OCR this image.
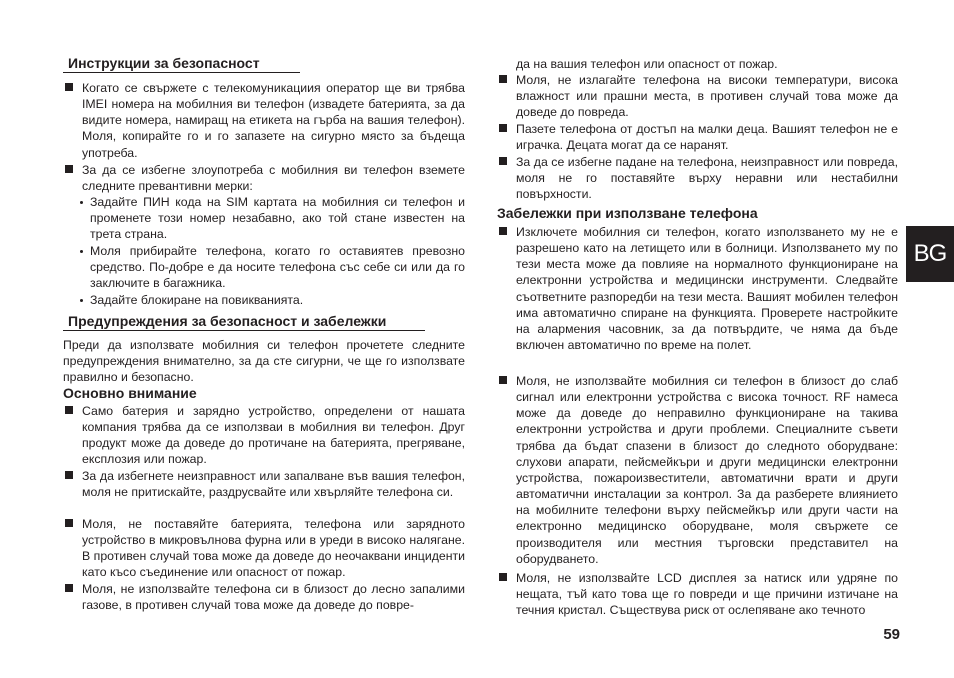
Инструкции за безопасност
Когато се свържете с телекомуникациия оператор ще ви трябва IMEI номера на мобилния ви телефон (извадете батерията, за да видите номера, намиращ на етикета на гърба на вашия телефон). Моля, копирайте го и го запазете на сигурно място за бъдеща употреба.
За да се избегне злоупотреба с мобилния ви телефон вземете следните превантивни мерки:
Задайте ПИН кода на SIM картата на мобилния си телефон и променете този номер незабавно, ако той стане известен на трета страна.
Моля прибирайте телефона, когато го оставиятев превозно средство. По-добре е да носите телефона със себе си или да го заключите в багажника.
Задайте блокиране на повикванията.
Предупреждения за безопасност и забележки
Преди да използвате мобилния си телефон прочетете следните предупреждения внимателно, за да сте сигурни, че ще го използвате правилно и безопасно.
Основно внимание
Само батерия и зарядно устройство, определени от нашата компания трябва да се използваи в мобилния ви телефон. Друг продукт може да доведе до протичане на батерията, прегряване, експлозия или пожар.
За да избегнете неизправност или запалване във вашия телефон, моля не притискайте, раздрусвайте или хвърляйте телефона си.
Моля, не поставяйте батерията, телефона или зарядното устройство в микровълнова фурна или в уреди в високо налягане. В противен случай това може да доведе до неочаквани инциденти като късо съединение или опасност от пожар.
Моля, не използвайте телефона си в близост до лесно запалими газове, в противен случай това може да доведе до повре-
да на вашия телефон или опасност от пожар.
Моля, не излагайте телефона на високи температури, висока влажност или прашни места, в противен случай това може да доведе до повреда.
Пазете телефона от достъп на малки деца. Вашият телефон не е играчка. Децата могат да се наранят.
За да се избегне падане на телефона, неизправност или повреда, моля не го поставяйте върху неравни или нестабилни повърхности.
Забележки при използване телефона
Изключете мобилния си телефон, когато използването му не е разрешено като на летището или в болници. Използването му по тези места може да повлияе на нормалното функциониране на електронни устройства и медицински инструменти. Следвайте съответните разпоредби на тези места. Вашият мобилен телефон има автоматично спиране на функцията. Проверете настройките на алармения часовник, за да потвърдите, че няма да бъде включен автоматично по време на полет.
Моля, не използвайте мобилния си телефон в близост до слаб сигнал или електронни устройства с висока точност. RF намеса може да доведе до неправилно функциониране на такива електронни устройства и други проблеми. Специалните съвети трябва да бъдат спазени в близост до следното оборудване: слухови апарати, пейсмейкъри и други медицински електронни устройства, пожароизвестители, автоматични врати и други автоматични инсталации за контрол. За да разберете влиянието на мобилните телефони върху пейсмейкър или други части на електронно медицинско оборудване, моля свържете се производителя или местния търговски представител на оборудването.
Моля, не използвайте LCD дисплея за натиск или удряне по нещата, тъй като това ще го повреди и ще причини изтичане на течния кристал. Съществува риск от ослепяване ако течното
BG
59
